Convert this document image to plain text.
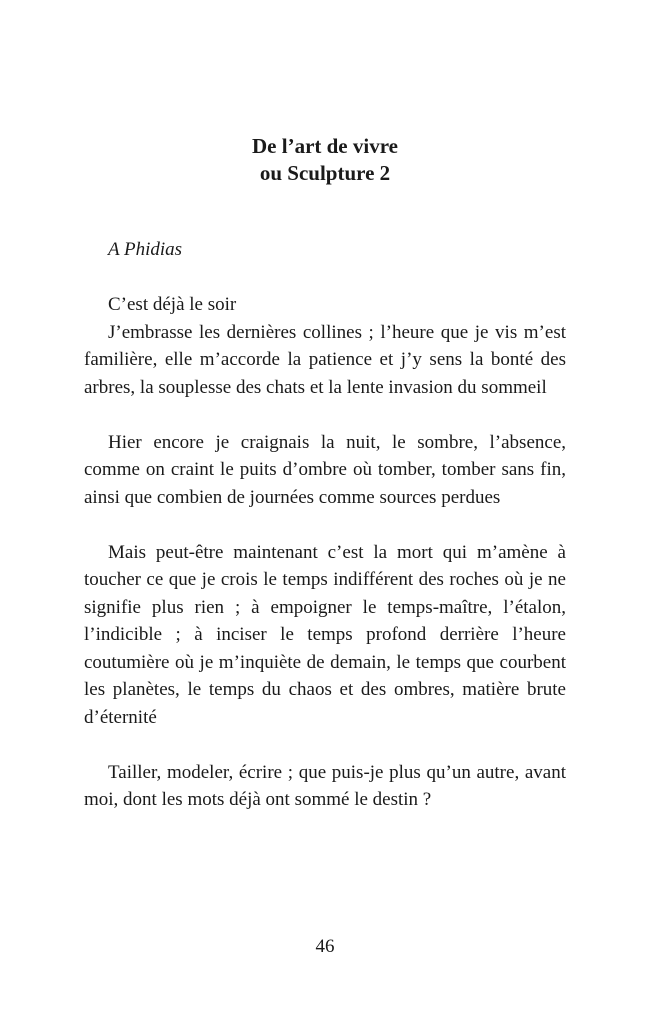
De l’art de vivre
ou Sculpture 2

A Phidias

C’est déjà le soir

J’embrasse les dernières collines ; l’heure que je vis m’est familière, elle m’accorde la patience et j’y sens la bonté des arbres, la souplesse des chats et la lente invasion du sommeil

Hier encore je craignais la nuit, le sombre, l’absence, comme on craint le puits d’ombre où tomber, tomber sans fin, ainsi que combien de journées comme sources perdues

Mais peut-être maintenant c’est la mort qui m’amène à toucher ce que je crois le temps indifférent des roches où je ne signifie plus rien ; à empoigner le temps-maître, l’étalon, l’indicible ; à inciser le temps profond derrière l’heure coutumière où je m’inquiète de demain, le temps que courbent les planètes, le temps du chaos et des ombres, matière brute d’éternité

Tailler, modeler, écrire ; que puis-je plus qu’un autre, avant moi, dont les mots déjà ont sommé le destin ?

46
